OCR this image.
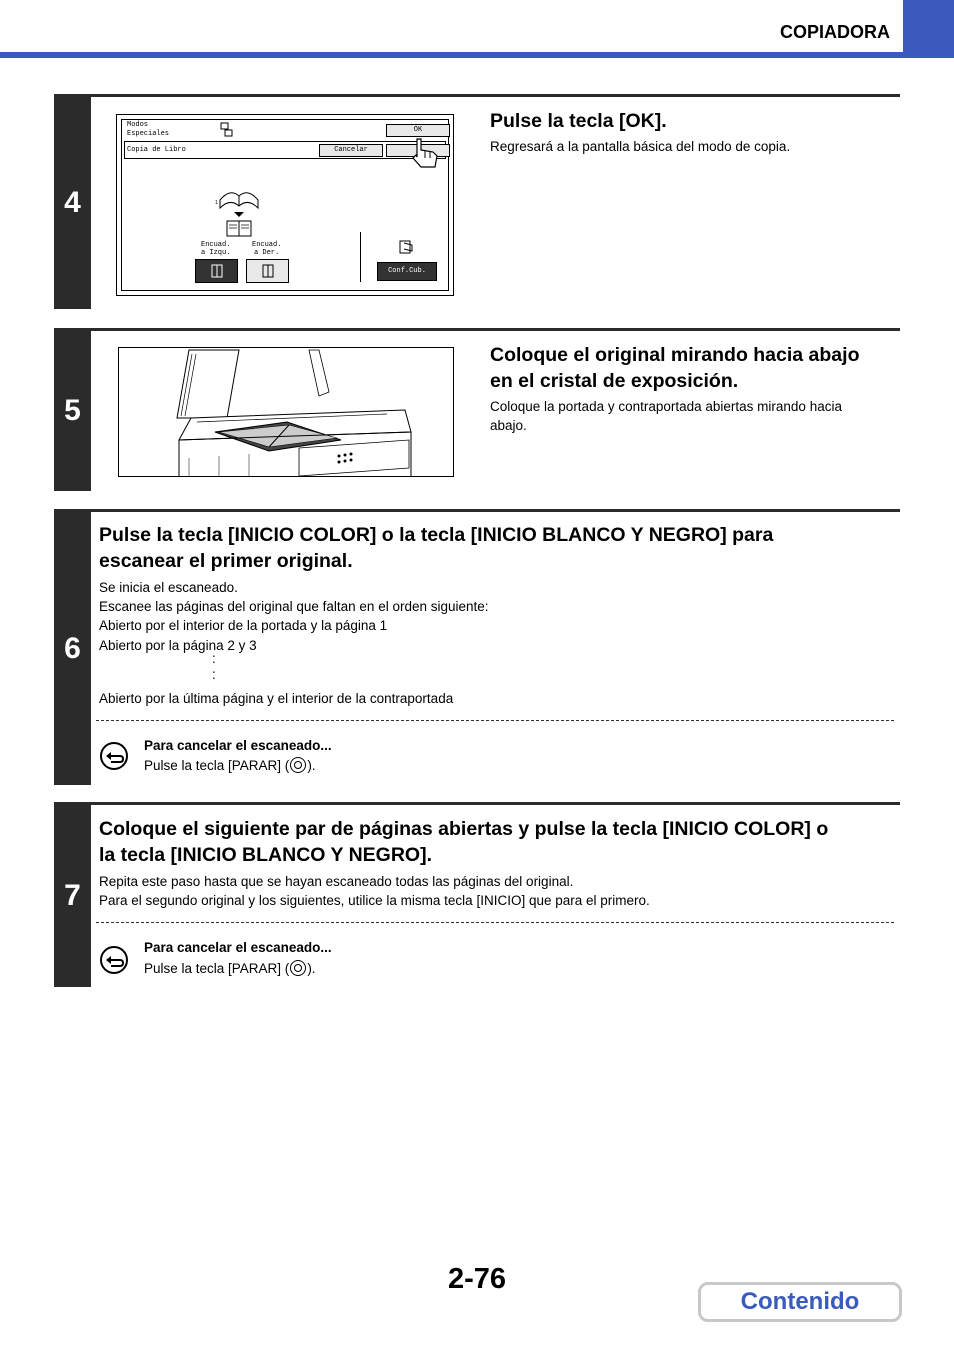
COPIADORA
4
Modos
Especiales	OK
Copia de Libro	Cancelar
1
Encuad.
a Izqu.
Encuad.
a Der.
Conf.Cub.
Pulse la tecla [OK].
Regresará a la pantalla básica del modo de copia.
5
Coloque el original mirando hacia abajo
en el cristal de exposición.
Coloque la portada y contraportada abiertas mirando hacia
abajo.
6
Pulse la tecla [INICIO COLOR] o la tecla [INICIO BLANCO Y NEGRO] para
escanear el primer original.
Se inicia el escaneado.
Escanee las páginas del original que faltan en el orden siguiente:
Abierto por el interior de la portada y la página 1
Abierto por la página 2 y 3
:
:
Abierto por la última página y el interior de la contraportada
Para cancelar el escaneado...
Pulse la tecla [PARAR] ( ).
7
Coloque el siguiente par de páginas abiertas y pulse la tecla [INICIO COLOR] o
la tecla [INICIO BLANCO Y NEGRO].
Repita este paso hasta que se hayan escaneado todas las páginas del original.
Para el segundo original y los siguientes, utilice la misma tecla [INICIO] que para el primero.
Para cancelar el escaneado...
Pulse la tecla [PARAR] ( ).
2-76
Contenido
